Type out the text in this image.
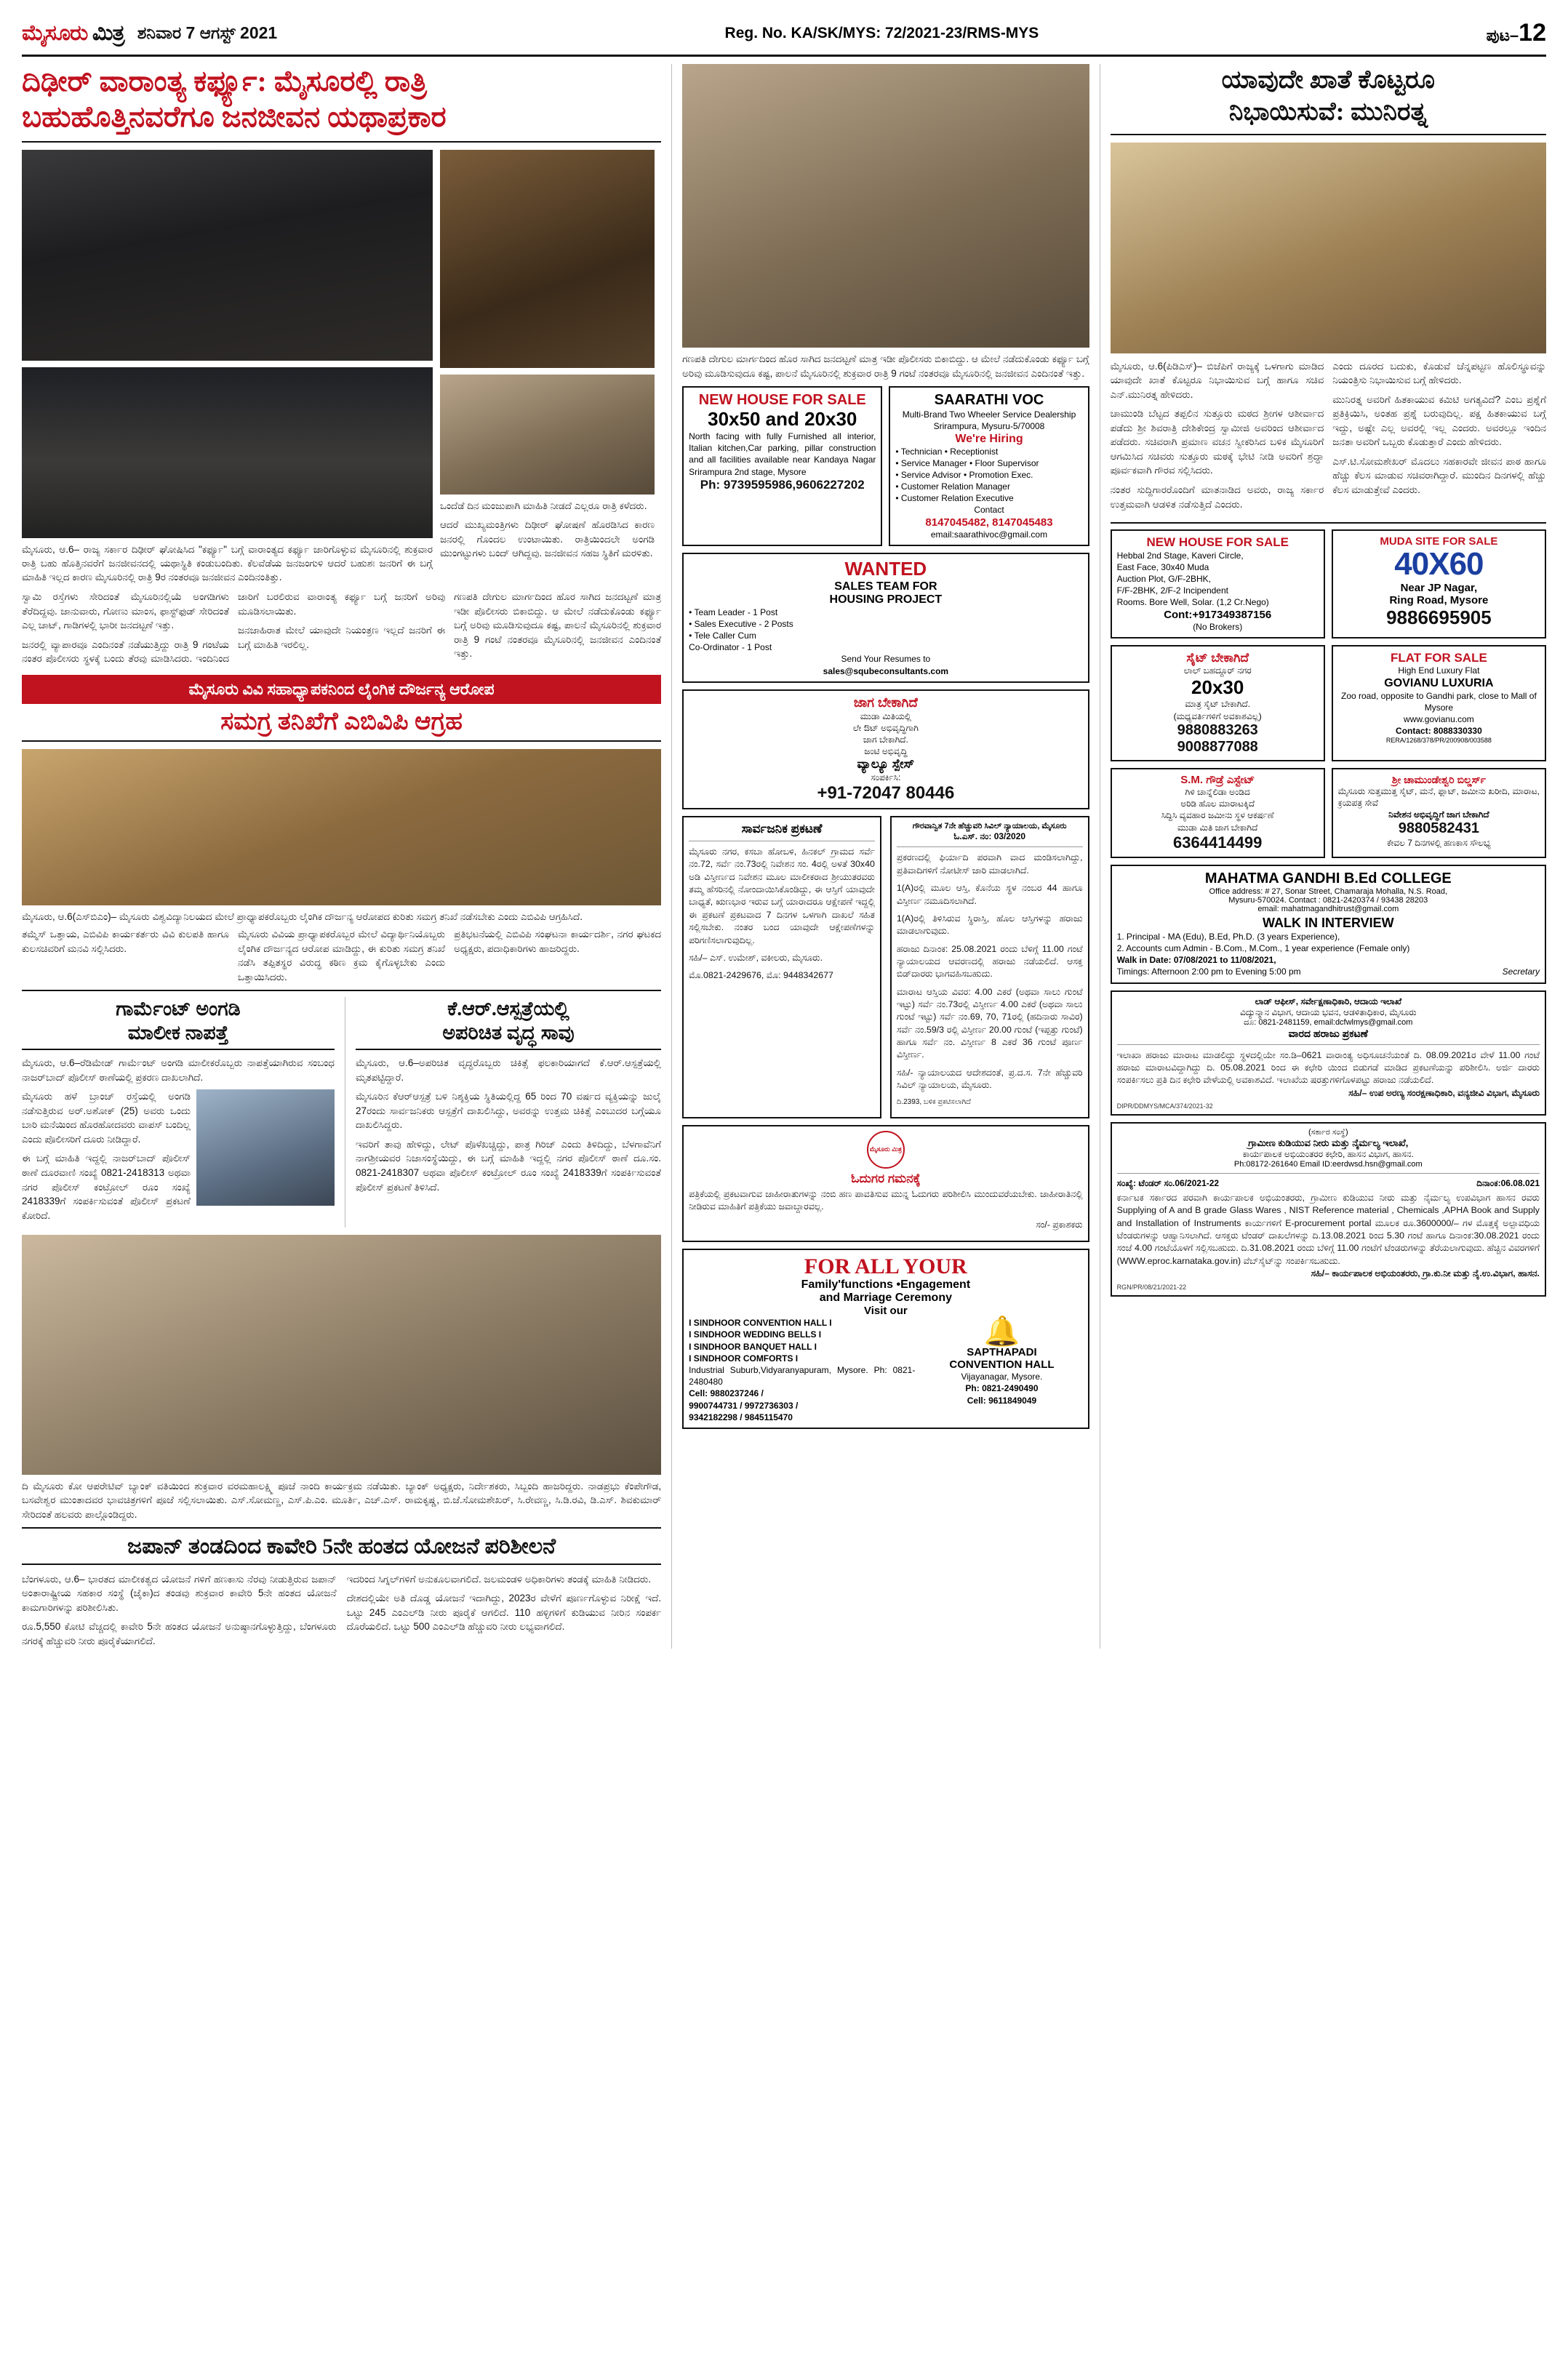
ಮೈಸೂರು ಮಿತ್ರ ಶನಿವಾರ 7 ಆಗಸ್ಟ್ 2021	Reg. No. KA/SK/MYS: 72/2021-23/RMS-MYS	ಪುಟ–12
ದಿಢೀರ್ ವಾರಾಂತ್ಯ ಕರ್ಫ್ಯೂ: ಮೈಸೂರಲ್ಲಿ ರಾತ್ರಿ
ಬಹುಹೊತ್ತಿನವರೆಗೂ ಜನಜೀವನ ಯಥಾಪ್ರಕಾರ
ಮೈಸೂರು, ಆ.6– ರಾಜ್ಯ ಸರ್ಕಾರ ದಿಢೀರ್ ಘೋಷಿಸಿದ "ಕರ್ಫ್ಯೂ" ಬಗ್ಗೆ ವಾರಾಂತ್ಯದ ಕರ್ಫ್ಯೂ ಜಾರಿಗೊಳ್ಳುವ ಮೈಸೂರಿನಲ್ಲಿ ಶುಕ್ರವಾರ ರಾತ್ರಿ ಬಹು ಹೊತ್ತಿನವರೆಗೆ ಜನಜೀವನದಲ್ಲಿ ಯಥಾಸ್ಥಿತಿ ಕಂಡುಬಂದಿತು. ಕೆಲವೆಡೆಯ ಜನಜಂಗುಳಿ ಆದರೆ ಬಹುಶಃ ಜನರಿಗೆ ಈ ಬಗ್ಗೆ ಮಾಹಿತಿ ಇಲ್ಲದ ಕಾರಣ ಮೈಸೂರಿನಲ್ಲಿ ರಾತ್ರಿ 9ರ ನಂತರವೂ ಜನಜೀವನ ಎಂದಿನಂತಿತ್ತು.

ಒಂದೆಡೆ ದಿನ ಮಂಜುಪಾಗಿ ಮಾಹಿತಿ ನೀಡದೆ ಎಲ್ಲರೂ ರಾತ್ರಿ ಕಳೆದರು.

ಆದರೆ ಮುಖ್ಯಮಂತ್ರಿಗಳು ದಿಢೀರ್ ಘೋಷಣೆ ಹೊರಡಿಸಿದ ಕಾರಣ ಜನರಲ್ಲಿ ಗೊಂದಲ ಉಂಟಾಯಿತು. ರಾತ್ರಿಯಿಂದಲೇ ಅಂಗಡಿ ಮುಂಗಟ್ಟುಗಳು ಬಂದ್ ಆಗಿದ್ದವು. ಜನಜೀವನ ಸಹಜ ಸ್ಥಿತಿಗೆ ಮರಳಿತು.

ಸ್ವಾಮಿ ರಸ್ತೆಗಳು ಸೇರಿದಂತೆ ಮೈಸೂರಿನಲ್ಲಿಯೆ ಅಂಗಡಿಗಳು ತೆರೆದಿದ್ದವು. ಜಾನುವಾರು, ಗೋಣು ಮಾಂಸ, ಫಾಸ್ಟ್‌ಫುಡ್ ಸೇರಿದಂತೆ ಎಲ್ಲ ಚಾಟ್, ಗಾಡಿಗಳಲ್ಲಿ ಭಾರೀ ಜನದಟ್ಟಣೆ ಇತ್ತು.

ಜನರಲ್ಲಿ ವ್ಯಾಪಾರವೂ ಎಂದಿನಂತೆ ನಡೆಯುತ್ತಿದ್ದು ರಾತ್ರಿ 9 ಗಂಟೆಯ ನಂತರ ಪೊಲೀಸರು ಸ್ಥಳಕ್ಕೆ ಬಂದು ತೆರವು ಮಾಡಿಸಿದರು. ಇಂದಿನಿಂದ ಜಾರಿಗೆ ಬರಲಿರುವ ವಾರಾಂತ್ಯ ಕರ್ಫ್ಯೂ ಬಗ್ಗೆ ಜನರಿಗೆ ಅರಿವು ಮೂಡಿಸಲಾಯಿತು.

ಜನಜಾಹಿರಾತ ಮೇಲೆ ಯಾವುದೇ ನಿಯಂತ್ರಣ ಇಲ್ಲದೆ ಜನರಿಗೆ ಈ ಬಗ್ಗೆ ಮಾಹಿತಿ ಇರಲಿಲ್ಲ.

ಗಣಪತಿ ದೇಗುಲ ಮಾರ್ಗದಿಂದ ಹೊರ ಸಾಗಿದ ಜನದಟ್ಟಣೆ ಮಾತ್ರ ಇಡೀ ಪೊಲೀಸರು ಬಿಕಾಬಿದ್ದು. ಆ ಮೇಲೆ ನಡೆದುಕೊಂಡು ಕರ್ಫ್ಯೂ ಬಗ್ಗೆ ಅರಿವು ಮೂಡಿಸುವುದೂ ಕಷ್ಟ, ಪಾಲನೆ ಮೈಸೂರಿನಲ್ಲಿ ಶುಕ್ರವಾರ ರಾತ್ರಿ 9 ಗಂಟೆ ನಂತರವೂ ಮೈಸೂರಿನಲ್ಲಿ ಜನಜೀವನ ಎಂದಿನಂತೆ ಇತ್ತು.

ಮೈಸೂರು ವಿವಿ ಸಹಾಧ್ಯಾಪಕನಿಂದ ಲೈಂಗಿಕ ದೌರ್ಜನ್ಯ ಆರೋಪ
ಸಮಗ್ರ ತನಿಖೆಗೆ ಎಬಿವಿಪಿ ಆಗ್ರಹ
ಮೈಸೂರು, ಆ.6(ಎಸ್‌ಬಿಎಂ)– ಮೈಸೂರು ವಿಶ್ವವಿದ್ಯಾನಿಲಯದ ಮೇಲೆ ಪ್ರಾಧ್ಯಾಪಕರೊಬ್ಬರು ಲೈಂಗಿಕ ದೌರ್ಜನ್ಯ ಆರೋಪದ ಕುರಿತು ಸಮಗ್ರ ತನಿಖೆ ನಡೆಸಬೇಕು ಎಂದು ಎಬಿವಿಪಿ ಆಗ್ರಹಿಸಿದೆ.

ತಮ್ಮೆಸ್ ಒತ್ತಾಯ, ಎಬಿವಿಪಿ ಕಾರ್ಯಕರ್ತರು ವಿವಿ ಕುಲಪತಿ ಹಾಗೂ ಕುಲಸಚಿವರಿಗೆ ಮನವಿ ಸಲ್ಲಿಸಿದರು.

ಮೈಸೂರು ವಿವಿಯ ಪ್ರಾಧ್ಯಾಪಕರೊಬ್ಬರ ಮೇಲೆ ವಿದ್ಯಾರ್ಥಿನಿಯೊಬ್ಬರು ಲೈಂಗಿಕ ದೌರ್ಜನ್ಯದ ಆರೋಪ ಮಾಡಿದ್ದು, ಈ ಕುರಿತು ಸಮಗ್ರ ತನಿಖೆ ನಡೆಸಿ ತಪ್ಪಿತಸ್ಥರ ವಿರುದ್ಧ ಕಠಿಣ ಕ್ರಮ ಕೈಗೊಳ್ಳಬೇಕು ಎಂದು ಒತ್ತಾಯಿಸಿದರು.

ಪ್ರತಿಭಟನೆಯಲ್ಲಿ ಎಬಿವಿಪಿ ಸಂಘಟನಾ ಕಾರ್ಯದರ್ಶಿ, ನಗರ ಘಟಕದ ಅಧ್ಯಕ್ಷರು, ಪದಾಧಿಕಾರಿಗಳು ಹಾಜರಿದ್ದರು.

ಗಾರ್ಮೆಂಟ್ ಅಂಗಡಿ
ಮಾಲೀಕ ನಾಪತ್ತೆ

ಮೈಸೂರು, ಆ.6–ರೆಡಿಮೇಡ್ ಗಾರ್ಮೆಂಟ್ ಅಂಗಡಿ ಮಾಲೀಕರೊಬ್ಬರು ನಾಪತ್ತೆಯಾಗಿರುವ ಸಂಬಂಧ ನಾಜರ್‌ಬಾದ್ ಪೊಲೀಸ್ ಠಾಣೆಯಲ್ಲಿ ಪ್ರಕರಣ ದಾಖಲಾಗಿದೆ.

ಮೈಸೂರು ಹಳೆ ಬ್ರಾಂಚ್ ರಸ್ತೆಯಲ್ಲಿ ಅಂಗಡಿ ನಡೆಸುತ್ತಿರುವ ಅರ್.ಅಶೋಕ್ (25) ಅವರು ಒಂದು ಬಾರಿ ಮನೆಯಿಂದ ಹೊರಹೋದವರು ವಾಪಸ್ ಬಂದಿಲ್ಲ ಎಂದು ಪೊಲೀಸರಿಗೆ ದೂರು ನೀಡಿದ್ದಾರೆ.

ಈ ಬಗ್ಗೆ ಮಾಹಿತಿ ಇದ್ದಲ್ಲಿ ನಾಜರ್‌ಬಾದ್ ಪೊಲೀಸ್ ಠಾಣೆ ದೂರವಾಣಿ ಸಂಖ್ಯೆ 0821-2418313 ಅಥವಾ ನಗರ ಪೊಲೀಸ್ ಕಂಟ್ರೋಲ್ ರೂಂ ಸಂಖ್ಯೆ 2418339ಗೆ ಸಂಪರ್ಕಿಸುವಂತೆ ಪೊಲೀಸ್ ಪ್ರಕಟಣೆ ಕೋರಿದೆ.

ಕೆ.ಆರ್.ಆಸ್ಪತ್ರೆಯಲ್ಲಿ
ಅಪರಿಚಿತ ವೃದ್ಧ ಸಾವು

ಮೈಸೂರು, ಆ.6–ಅಪರಿಚಿತ ವೃದ್ಧರೊಬ್ಬರು ಚಿಕಿತ್ಸೆ ಫಲಕಾರಿಯಾಗದೆ ಕೆ.ಆರ್.ಆಸ್ಪತ್ರೆಯಲ್ಲಿ ಮೃತಪಟ್ಟಿದ್ದಾರೆ.

ಮೈಸೂರಿನ ಕೆಆರ್‌ಆಸ್ಪತ್ರೆ ಬಳಿ ನಿಶ್ಶಕ್ತಿಯ ಸ್ಥಿತಿಯಲ್ಲಿದ್ದ 65 ರಿಂದ 70 ವರ್ಷದ ವ್ಯಕ್ತಿಯನ್ನು ಜುಲೈ 27ರಂದು ಸಾರ್ವಜನಿಕರು ಆಸ್ಪತ್ರೆಗೆ ದಾಖಲಿಸಿದ್ದು, ಅವರನ್ನು ಉತ್ತಮ ಚಿಕಿತ್ಸೆ ಎಂಬುದರ ಬಗ್ಗೆಯೂ ದಾಖಲಿಸಿದ್ದರು.

ಇವರಿಗೆ ತಾವು ಹೇಳಿದ್ದು, ಲೇಟ್ ಪೊಳೆಖಚ್ಚಿದ್ದು, ಪಾತ್ರ ಗಿರಿಜ್ ಎಂದು ತಿಳಿದಿದ್ದು, ಬೆಳಗಾವೆನಿಗೆ ನಾಗಶ್ರೀಯವರ ನಿಜಾಸಂಸ್ಥೆಯಿದ್ದು, ಈ ಬಗ್ಗೆ ಮಾಹಿತಿ ಇದ್ದಲ್ಲಿ ನಗರ ಪೊಲೀಸ್ ಠಾಣೆ ದೂ.ಸಂ. 0821-2418307 ಅಥವಾ ಪೊಲೀಸ್ ಕಂಟ್ರೋಲ್ ರೂಂ ಸಂಖ್ಯೆ 2418339ಗೆ ಸಂಪರ್ಕಿಸುವಂತೆ ಪೊಲೀಸ್ ಪ್ರಕಟಣೆ ತಿಳಿಸಿದೆ.

ದಿ ಮೈಸೂರು ಕೋ ಆಪರೇಟಿವ್ ಬ್ಯಾಂಕ್ ವತಿಯಿಂದ ಶುಕ್ರವಾರ ವರಮಹಾಲಕ್ಷ್ಮಿ ಪೂಜೆ ನಾಂದಿ ಕಾರ್ಯಕ್ರಮ ನಡೆಯಿತು. ಬ್ಯಾಂಕ್ ಅಧ್ಯಕ್ಷರು, ನಿರ್ದೇಶಕರು, ಸಿಬ್ಬಂದಿ ಹಾಜರಿದ್ದರು. ನಾಡಪ್ರಭು ಕೆಂಪೇಗೌಡ, ಬಸವೇಶ್ವರ ಮುಂತಾದವರ ಭಾವಚಿತ್ರಗಳಿಗೆ ಪೂಜೆ ಸಲ್ಲಿಸಲಾಯಿತು. ಎಸ್.ಸೋಮಣ್ಣ, ಎಸ್.ಪಿ.ಎಂ. ಮೂರ್ತಿ, ಎಚ್.ಎಸ್. ರಾಮಕೃಷ್ಣ, ಬಿ.ಜೆ.ಸೋಮಶೇಖರ್, ಸಿ.ರೇವಣ್ಣ, ಸಿ.ಡಿ.ರವಿ, ಡಿ.ಎಸ್. ಶಿವಕುಮಾರ್ ಸೇರಿದಂತೆ ಹಲವರು ಪಾಲ್ಗೊಂಡಿದ್ದರು.
ಜಪಾನ್ ತಂಡದಿಂದ ಕಾವೇರಿ 5ನೇ ಹಂತದ ಯೋಜನೆ ಪರಿಶೀಲನೆ

ಬೆಂಗಳೂರು, ಆ.6– ಭಾರತದ ಮಾಲೀಕತ್ವದ ಯೋಜನೆ ಗಳಿಗೆ ಹಣಕಾಸು ನೆರವು ನೀಡುತ್ತಿರುವ ಜಪಾನ್ ಅಂತಾರಾಷ್ಟ್ರೀಯ ಸಹಕಾರ ಸಂಸ್ಥೆ (ಜೈಕಾ)ದ ತಂಡವು ಶುಕ್ರವಾರ ಕಾವೇರಿ 5ನೇ ಹಂತದ ಯೋಜನೆ ಕಾಮಗಾರಿಗಳನ್ನು ಪರಿಶೀಲಿಸಿತು.

ರೂ.5,550 ಕೋಟಿ ವೆಚ್ಚದಲ್ಲಿ ಕಾವೇರಿ 5ನೇ ಹಂತದ ಯೋಜನೆ ಅನುಷ್ಠಾನಗೊಳ್ಳುತ್ತಿದ್ದು, ಬೆಂಗಳೂರು ನಗರಕ್ಕೆ ಹೆಚ್ಚುವರಿ ನೀರು ಪೂರೈಕೆಯಾಗಲಿದೆ.

ಇದರಿಂದ ಸಿಗ್ನಲ್‌ಗಳಿಗೆ ಅನುಕೂಲವಾಗಲಿದೆ. ಜಲಮಂಡಳಿ ಅಧಿಕಾರಿಗಳು ತಂಡಕ್ಕೆ ಮಾಹಿತಿ ನೀಡಿದರು.

ದೇಶದಲ್ಲಿಯೇ ಅತಿ ದೊಡ್ಡ ಯೋಜನೆ ಇದಾಗಿದ್ದು, 2023ರ ವೇಳೆಗೆ ಪೂರ್ಣಗೊಳ್ಳುವ ನಿರೀಕ್ಷೆ ಇದೆ. ಒಟ್ಟು 245 ಎಂಎಲ್‌ಡಿ ನೀರು ಪೂರೈಕೆ ಆಗಲಿದೆ. 110 ಹಳ್ಳಿಗಳಿಗೆ ಕುಡಿಯುವ ನೀರಿನ ಸಂಪರ್ಕ ದೊರೆಯಲಿದೆ. ಒಟ್ಟು 500 ಎಂಎಲ್‌ಡಿ ಹೆಚ್ಚುವರಿ ನೀರು ಲಭ್ಯವಾಗಲಿದೆ.

ಗಣಪತಿ ದೇಗುಲ ಮಾರ್ಗದಿಂದ ಹೊರ ಸಾಗಿದ ಜನದಟ್ಟಣೆ ಮಾತ್ರ ಇಡೀ ಪೊಲೀಸರು ಬಿಕಾಬಿದ್ದು. ಆ ಮೇಲೆ ನಡೆದುಕೊಂಡು ಕರ್ಫ್ಯೂ ಬಗ್ಗೆ ಅರಿವು ಮೂಡಿಸುವುದೂ ಕಷ್ಟ, ಪಾಲನೆ ಮೈಸೂರಿನಲ್ಲಿ ಶುಕ್ರವಾರ ರಾತ್ರಿ 9 ಗಂಟೆ ನಂತರವೂ ಮೈಸೂರಿನಲ್ಲಿ ಜನಜೀವನ ಎಂದಿನಂತೆ ಇತ್ತು.

NEW HOUSE FOR SALE
30x50 and 20x30
North facing with fully Furnished all interior, Italian kitchen,Car parking, pillar construction and all facilities available near Kandaya Nagar Srirampura 2nd stage, Mysore
Ph: 9739595986,9606227202
SAARATHI VOC
Multi-Brand Two Wheeler Service Dealership
Srirampura, Mysuru-5/70008
We're Hiring
• Technician • Receptionist
• Service Manager • Floor Supervisor
• Service Advisor • Promotion Exec.
• Customer Relation Manager
• Customer Relation Executive
Contact
8147045482, 8147045483
email:saarathivoc@gmail.com
WANTED
SALES TEAM FOR
HOUSING PROJECT
• Team Leader - 1 Post
• Sales Executive - 2 Posts
• Tele Caller Cum
Co-Ordinator - 1 Post
Send Your Resumes to
sales@squbeconsultants.com
ಜಾಗ ಬೇಕಾಗಿದೆ
ಮುಡಾ ಮಿತಿಯಲ್ಲಿ
ಲೇ ಔಟ್ ಅಭಿವೃದ್ಧಿಗಾಗಿ
ಜಾಗ ಬೇಕಾಗಿದೆ.
ಜಂಟಿ ಅಭಿವೃದ್ಧಿ
ವ್ಯಾಲ್ಯೂ ಸ್ಪೇಸ್
ಸಂಪರ್ಕಿಸಿ:
+91-72047 80446
ಸಾರ್ವಜನಿಕ ಪ್ರಕಟಣೆ

ಮೈಸೂರು ನಗರ, ಕಸಬಾ ಹೋಬಳಿ, ಹಿನಕಲ್ ಗ್ರಾಮದ ಸರ್ವೆ ನಂ.72, ಸರ್ವೆ ನಂ.73ರಲ್ಲಿ ನಿವೇಶನ ಸಂ. 4ರಲ್ಲಿ ಅಳತೆ 30x40 ಅಡಿ ವಿಸ್ತೀರ್ಣದ ನಿವೇಶನ ಮೂಲ ಮಾಲೀಕರಾದ ಶ್ರೀಯುತರವರು ತಮ್ಮ ಹೆಸರಿನಲ್ಲಿ ನೋಂದಾಯಿಸಿಕೊಂಡಿದ್ದು, ಈ ಆಸ್ತಿಗೆ ಯಾವುದೇ ಬಾಧ್ಯತೆ, ಋಣಭಾರ ಇರುವ ಬಗ್ಗೆ ಯಾರಾದರೂ ಆಕ್ಷೇಪಣೆ ಇದ್ದಲ್ಲಿ ಈ ಪ್ರಕಟಣೆ ಪ್ರಕಟವಾದ 7 ದಿನಗಳ ಒಳಗಾಗಿ ದಾಖಲೆ ಸಹಿತ ಸಲ್ಲಿಸಬೇಕು. ನಂತರ ಬಂದ ಯಾವುದೇ ಆಕ್ಷೇಪಣೆಗಳನ್ನು ಪರಿಗಣಿಸಲಾಗುವುದಿಲ್ಲ.

ಸಹಿ/– ಎಸ್. ಉಮೇಶ್, ವಕೀಲರು, ಮೈಸೂರು.

ಮೊ.0821-2429676, ಮೊ: 9448342677

ಗೌರವಾನ್ವಿತ 7ನೇ ಹೆಚ್ಚುವರಿ ಸಿವಿಲ್ ನ್ಯಾಯಾಲಯ, ಮೈಸೂರು
ಓ.ಎಸ್. ನಂ: 03/2020

ಪ್ರಕರಣದಲ್ಲಿ ಫಿರ್ಯಾದಿ ಪರವಾಗಿ ವಾದ ಮಂಡಿಸಲಾಗಿದ್ದು, ಪ್ರತಿವಾದಿಗಳಿಗೆ ನೋಟೀಸ್ ಜಾರಿ ಮಾಡಲಾಗಿದೆ.

1(A)ರಲ್ಲಿ ಮೂಲ ಆಸ್ತಿ, ಕೊನೆಯ ಸ್ಥಳ ನಂಬರ 44 ಹಾಗೂ ವಿಸ್ತೀರ್ಣ ನಮೂದಿಸಲಾಗಿದೆ.

1(A)ರಲ್ಲಿ ತಿಳಿಸಿರುವ ಸ್ಥಿರಾಸ್ತಿ, ಹೊಲ ಆಸ್ತಿಗಳನ್ನು ಹರಾಜು ಮಾಡಲಾಗುವುದು.

ಹರಾಜು ದಿನಾಂಕ: 25.08.2021 ರಂದು ಬೆಳಿಗ್ಗೆ 11.00 ಗಂಟೆ ನ್ಯಾಯಾಲಯದ ಆವರಣದಲ್ಲಿ ಹರಾಜು ನಡೆಯಲಿದೆ. ಆಸಕ್ತ ಬಿಡ್‌ದಾರರು ಭಾಗವಹಿಸಬಹುದು.

ಮಾರಾಟ ಆಸ್ತಿಯ ವಿವರ: 4.00 ಎಕರೆ (ಅಥವಾ ಸಾಲು ಗುಂಟೆ ಇಟ್ಟು) ಸರ್ವೆ ನಂ.73ರಲ್ಲಿ ವಿಸ್ತೀರ್ಣ 4.00 ಎಕರೆ (ಅಥವಾ ಸಾಲು ಗುಂಟೆ ಇಟ್ಟು) ಸರ್ವೆ ನಂ.69, 70, 71ರಲ್ಲಿ (ಹದಿನಾರು ಸಾವಿರ) ಸರ್ವೆ ನಂ.59/3 ರಲ್ಲಿ ವಿಸ್ತೀರ್ಣ 20.00 ಗುಂಟೆ (ಇಪ್ಪತ್ತು ಗುಂಟೆ) ಹಾಗೂ ಸರ್ವೆ ನಂ. ವಿಸ್ತೀರ್ಣ 8 ಎಕರೆ 36 ಗುಂಟೆ ಪೂರ್ಣ ವಿಸ್ತೀರ್ಣ.

ಸಹಿ/- ನ್ಯಾಯಾಲಯದ ಆದೇಶದಂತೆ, ಪ್ರ.ದ.ಸ. 7ನೇ ಹೆಚ್ಚುವರಿ ಸಿವಿಲ್ ನ್ಯಾಯಾಲಯ, ಮೈಸೂರು.

ದಿ.2393, ಬಳಿಕ ಪ್ರಕಟಿಸಲಾಗಿದೆ

ಮೈಸೂರು ಮಿತ್ರ
ಓದುಗರ ಗಮನಕ್ಕೆ

ಪತ್ರಿಕೆಯಲ್ಲಿ ಪ್ರಕಟವಾಗುವ ಜಾಹೀರಾತುಗಳನ್ನು ನಂಬಿ ಹಣ ಪಾವತಿಸುವ ಮುನ್ನ ಓದುಗರು ಪರಿಶೀಲಿಸಿ ಮುಂದುವರೆಯಬೇಕು. ಜಾಹೀರಾತಿನಲ್ಲಿ ನೀಡಿರುವ ಮಾಹಿತಿಗೆ ಪತ್ರಿಕೆಯು ಜವಾಬ್ದಾರವಲ್ಲ.

ಸಂ/- ಪ್ರಕಾಶಕರು

FOR ALL YOUR
Family'functions •Engagement
and Marriage Ceremony
Visit our
I SINDHOOR CONVENTION HALL I
I SINDHOOR WEDDING BELLS I
I SINDHOOR BANQUET HALL I
I SINDHOOR COMFORTS I
Industrial Suburb,Vidyaranyapuram, Mysore. Ph: 0821-2480480
Cell: 9880237246 /
9900744731 / 9972736303 /
9342182298 / 9845115470
🔔
SAPTHAPADI
CONVENTION HALL
Vijayanagar, Mysore.
Ph: 0821-2490490
Cell: 9611849049
ಯಾವುದೇ ಖಾತೆ ಕೊಟ್ಟರೂ
ನಿಭಾಯಿಸುವೆ: ಮುನಿರತ್ನ

ಮೈಸೂರು, ಆ.6(ಪಿಡಿಎಸ್)– ಬಿಜೆಪಿಗೆ ರಾಜ್ಯಕ್ಕೆ ಒಳಗಾಗು ಮಾಡಿದ ಯಾವುದೇ ಖಾತೆ ಕೊಟ್ಟರೂ ನಿಭಾಯಿಸುವ ಬಗ್ಗೆ ಹಾಗೂ ಸಚಿವ ಎನ್.ಮುನಿರತ್ನ ಹೇಳಿದರು.

ಚಾಮುಂಡಿ ಬೆಟ್ಟದ ತಪ್ಪಲಿನ ಸುತ್ತೂರು ಮಠದ ಶ್ರೀಗಳ ಆಶೀರ್ವಾದ ಪಡೆದು ಶ್ರೀ ಶಿವರಾತ್ರಿ ದೇಶಿಕೇಂದ್ರ ಸ್ವಾಮೀಜಿ ಅವರಿಂದ ಆಶೀರ್ವಾದ ಪಡೆದರು. ಸಚಿವರಾಗಿ ಪ್ರಮಾಣ ವಚನ ಸ್ವೀಕರಿಸಿದ ಬಳಿಕ ಮೈಸೂರಿಗೆ ಆಗಮಿಸಿದ ಸಚಿವರು ಸುತ್ತೂರು ಮಠಕ್ಕೆ ಭೇಟಿ ನೀಡಿ ಅವರಿಗೆ ಶ್ರದ್ಧಾ ಪೂರ್ವಕವಾಗಿ ಗೌರವ ಸಲ್ಲಿಸಿದರು.

ನಂತರ ಸುದ್ದಿಗಾರರೊಂದಿಗೆ ಮಾತನಾಡಿದ ಅವರು, ರಾಜ್ಯ ಸರ್ಕಾರ ಉತ್ತಮವಾಗಿ ಆಡಳಿತ ನಡೆಸುತ್ತಿದೆ ಎಂದರು.

ಎಂದು ದೂರದ ಬದುಕು, ಕೊಡುವೆ ಚೆನ್ನಪಟ್ಟಣ ಹೊಲಿಸ್ಥೂವನ್ನು ನಿಯಂತ್ರಿಸು ನಿಭಾಯಿಸುವ ಬಗ್ಗೆ ಹೇಳಿದರು.

ಮುನಿರತ್ನ ಅವರಿಗೆ ಹಿತಕಾಯುವ ಕಮಿಟಿ ಅಗತ್ಯವಿದೆ? ಎಂಬ ಪ್ರಶ್ನೆಗೆ ಪ್ರತಿಕ್ರಿಯಿಸಿ, ಅಂತಹ ಪ್ರಶ್ನೆ ಬರುವುದಿಲ್ಲ. ಪಕ್ಷ ಹಿತಕಾಯುವ ಬಗ್ಗೆ ಇದ್ದು, ಅಷ್ಟೇ ಎಲ್ಲ ಅವರಲ್ಲಿ ಇಲ್ಲ ಎಂದರು. ಅವರಲ್ಲೂ ಇಂದಿನ ಜನತಾ ಅವರಿಗೆ ಒಬ್ಬರು ಕೊಡುತ್ತಾರೆ ಎಂದು ಹೇಳಿದರು.

ಎಸ್.ಟಿ.ಸೋಮಶೇಖರ್ ಮೊದಲು ಸಹಕಾರವೇ ಜೀವನ ಪಾಠ ಹಾಗೂ ಹೆಚ್ಚು ಕೆಲಸ ಮಾಡುವ ಸಚಿವರಾಗಿದ್ದಾರೆ. ಮುಂದಿನ ದಿನಗಳಲ್ಲಿ ಹೆಚ್ಚು ಕೆಲಸ ಮಾಡುತ್ತೇವೆ ಎಂದರು.

NEW HOUSE FOR SALE
Hebbal 2nd Stage, Kaveri Circle,
East Face, 30x40 Muda
Auction Plot, G/F-2BHK,
F/F-2BHK, 2/F-2 Incipendent
Rooms. Bore Well, Solar. (1,2 Cr.Nego)
Cont:+917349387156
(No Brokers)
MUDA SITE FOR SALE
40X60
Near JP Nagar,
Ring Road, Mysore
9886695905
ಸೈಟ್ ಬೇಕಾಗಿದೆ
ಲಾಲ್ ಬಹದ್ದೂರ್ ನಗರ
20x30
ಮಾತ್ರ ಸೈಟ್ ಬೇಕಾಗಿದೆ.
(ಮಧ್ಯವರ್ತಿಗಳಿಗೆ ಅವಕಾಶವಿಲ್ಲ)
9880883263
9008877088
FLAT FOR SALE
High End Luxury Flat
GOVIANU LUXURIA
Zoo road, opposite to Gandhi park, close to Mall of Mysore
www.govianu.com
Contact: 8088330330
RERA/1268/378/PR/200908/003588
S.M. ಗೌಡ್ರೆ ಎಸ್ಟೇಟ್
ಗಿಳಿ ಚಾನ್ನೆಲಿಡಾ ಅಂಡಿದ
ಅರಿಡಿ ಹೊಲ ಮಾರಾಟಕ್ಕಿದೆ
ಸಿದ್ದಿಸಿ ವ್ಯವಹಾರ ಜಮೀನು ಸ್ಥಳ ಆಕರ್ಷಣೆ
ಮುಡಾ ಮಿತಿ ಜಾಗ ಬೇಕಾಗಿದೆ
6364414499
ಶ್ರೀ ಚಾಮುಂಡೇಶ್ವರಿ ಬಿಲ್ಡರ್ಸ್
ಮೈಸೂರು ಸುತ್ತಮುತ್ತ ಸೈಟ್, ಮನೆ, ಫ್ಲಾಟ್, ಜಮೀನು ಖರೀದಿ, ಮಾರಾಟ, ಕ್ರಯಪತ್ರ ಸೇವೆ
ನಿವೇಶನ ಅಭಿವೃದ್ಧಿಗೆ ಜಾಗ ಬೇಕಾಗಿದೆ
9880582431
ಕೇವಲ 7 ದಿನಗಳಲ್ಲಿ ಹಣಕಾಸ ಸೌಲಭ್ಯ
MAHATMA GANDHI B.Ed COLLEGE
Office address: # 27, Sonar Street, Chamaraja Mohalla, N.S. Road,
Mysuru-570024. Contact : 0821-2420374 / 93438 28203
email: mahatmagandhitrust@gmail.com
WALK IN INTERVIEW
1. Principal - MA (Edu), B.Ed, Ph.D. (3 years Experience),
2. Accounts cum Admin - B.Com., M.Com., 1 year experience (Female only)
Walk in Date: 07/08/2021 to 11/08/2021,
Timings: Afternoon 2:00 pm to Evening 5:00 pm	Secretary
ಲಾಡ್ ಆಫೀಸ್, ಸರ್ವೇಕ್ಷಣಾಧಿಕಾರಿ, ಆದಾಯ ಇಲಾಖೆ
ವಿದ್ಯುನ್ಮಾನ ವಿಭಾಗ, ಆದಾಯ ಭವನ, ಆಡಳಿತಾಧಿಕಾರ, ಮೈಸೂರು
ದೂ: 0821-2481159, email:dcfwlmys@gmail.com
ವಾರದ ಹರಾಜು ಪ್ರಕಟಣೆ
ಇಲಾಖಾ ಹರಾಜು ಮಾರಾಟ ಮಾಡಲಿದ್ದು ಸ್ಥಳದಲ್ಲಿಯೇ ಸಂ.ಡಿ–0621 ವಾರಾಂತ್ಯ ಅಧಿಸೂಚನೆಯಂತೆ ದಿ. 08.09.2021ರ ವೇಳೆ 11.00 ಗಂಟೆ ಹರಾಜು ಮಾರಾಟವಿದ್ದಾಗಿದ್ದು ದಿ. 05.08.2021 ರಿಂದ ಈ ಕಛೇರಿ ಯಿಂದ ಬಿಡುಗಡೆ ಮಾಡಿದ ಪ್ರಕಟಣೆಯನ್ನು ಪರಿಶೀಲಿಸಿ. ಅರ್ಜಿ ದಾರರು ಸಂಪರ್ಕಿಸಲು ಪ್ರತಿ ದಿನ ಕಛೇರಿ ವೇಳೆಯಲ್ಲಿ ಅವಕಾಶವಿದೆ. ಇಲಾಖೆಯ ಷರತ್ತುಗಳಿಗೊಳಪಟ್ಟು ಹರಾಜು ನಡೆಯಲಿದೆ.
ಸಹಿ/– ಉಪ ಅರಣ್ಯ ಸಂರಕ್ಷಣಾಧಿಕಾರಿ, ವನ್ಯಜೀವಿ ವಿಭಾಗ, ಮೈಸೂರು
DIPR/DDMYS/MCA/374/2021-32
(ಸರ್ಕಾರ ಸಂಸ್ಥೆ)
ಗ್ರಾಮೀಣ ಕುಡಿಯುವ ನೀರು ಮತ್ತು ನೈರ್ಮಲ್ಯ ಇಲಾಖೆ,
ಕಾರ್ಯಪಾಲಕ ಅಭಿಯಂತರರ ಕಛೇರಿ, ಹಾಸನ ವಿಭಾಗ, ಹಾಸನ.
Ph:08172-261640 Email ID:eerdwsd.hsn@gmail.com
ಸಂಖ್ಯೆ: ಟೆಂಡರ್ ಸಂ.06/2021-22	ದಿನಾಂಕ:06.08.021
ಕರ್ನಾಟಕ ಸರ್ಕಾರದ ಪರವಾಗಿ ಕಾರ್ಯಪಾಲಕ ಅಭಿಯಂತರರು, ಗ್ರಾಮೀಣ ಕುಡಿಯುವ ನೀರು ಮತ್ತು ನೈರ್ಮಲ್ಯ ಉಪವಿಭಾಗ ಹಾಸನ ರವರು Supplying of A and B grade Glass Wares , NIST Reference material , Chemicals ,APHA Book and Supply and Installation of Instruments ಕಾರ್ಯಗಳಿಗೆ E-procurement portal ಮೂಲಕ ರೂ.3600000/– ಗಳ ಮೊತ್ತಕ್ಕೆ ಅಲ್ಪಾವಧಿಯ ಟೆಂಡರುಗಳನ್ನು ಆಹ್ವಾನಿಸಲಾಗಿದೆ. ಆಸಕ್ತರು ಟೆಂಡರ್ ದಾಖಲೆಗಳನ್ನು ದಿ.13.08.2021 ರಿಂದ 5.30 ಗಂಟೆ ಹಾಗೂ ದಿನಾಂಕ:30.08.2021 ರಂದು ಸಂಜೆ 4.00 ಗಂಟೆಯೊಳಗೆ ಸಲ್ಲಿಸಬಹುದು. ದಿ.31.08.2021 ರಂದು ಬೆಳಿಗ್ಗೆ 11.00 ಗಂಟೆಗೆ ಟೆಂಡರುಗಳನ್ನು ತೆರೆಯಲಾಗುವುದು. ಹೆಚ್ಚಿನ ವಿವರಗಳಿಗೆ (WWW.eproc.karnataka.gov.in) ವೆಬ್‌ಸೈಟ್‌ನ್ನು ಸಂಪರ್ಕಿಸಬಹುದು.
ಸಹಿ/– ಕಾರ್ಯಪಾಲಕ ಅಭಿಯಂತರರು, ಗ್ರಾ.ಕು.ನೀ ಮತ್ತು ನೈ.ಉ.ವಿಭಾಗ, ಹಾಸನ.
RGN/PR/08/21/2021-22
